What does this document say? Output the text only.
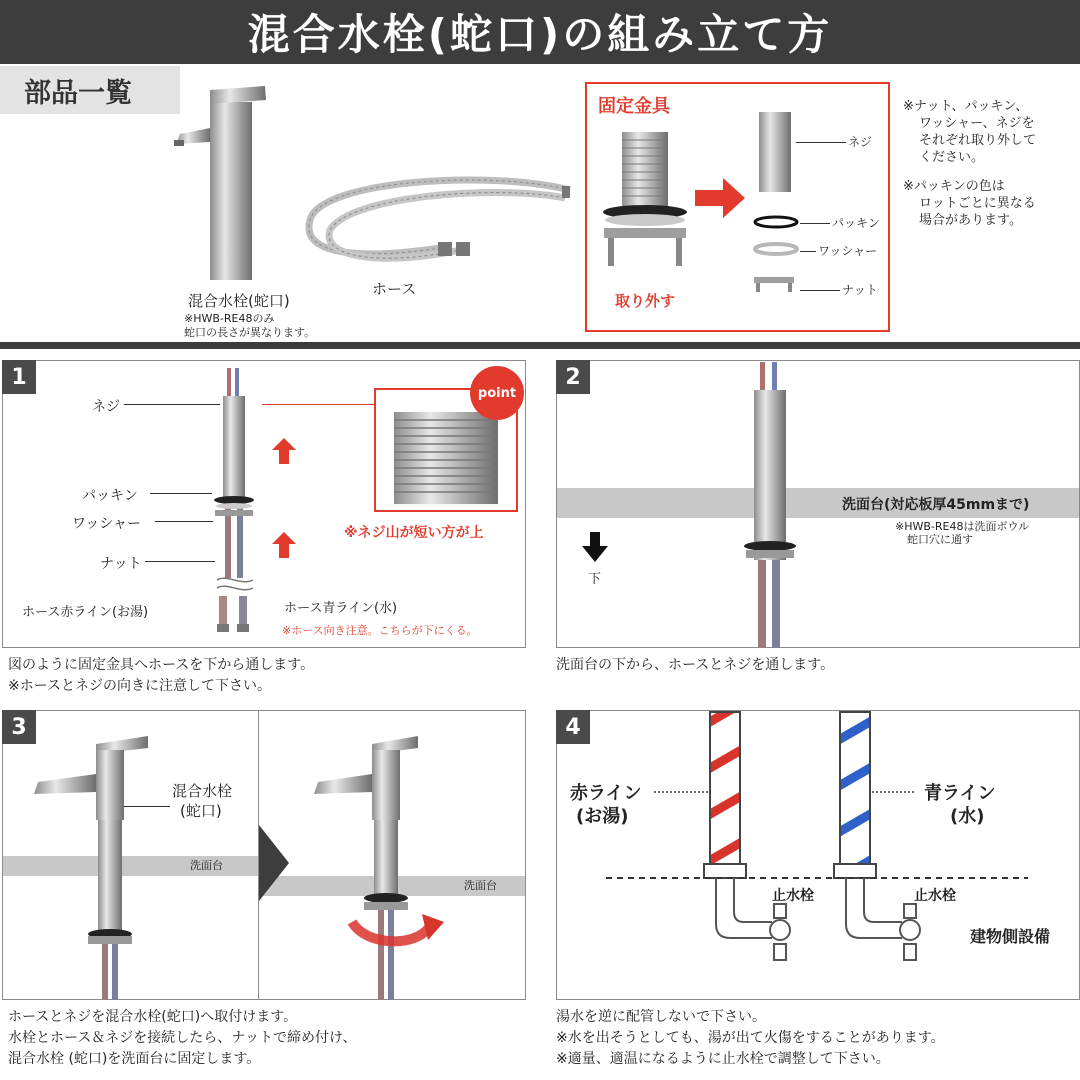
混合水栓(蛇口)の組み立て方
部品一覧
混合水栓(蛇口)
※HWB-RE48のみ
蛇口の長さが異なります。
ホース
固定金具
取り外す
ネジ
パッキン
ワッシャー
ナット
※ナット、パッキン、
ワッシャー、ネジを
それぞれ取り外して
ください。
※パッキンの色は
ロットごとに異なる
場合があります。
1
ネジ
パッキン
ワッシャー
ナット
ホース赤ライン(お湯)	ホース青ライン(水)
※ホース向き注意。こちらが下にくる。
point
※ネジ山が短い方が上
図のように固定金具へホースを下から通します。
※ホースとネジの向きに注意して下さい。
2
洗面台(対応板厚45mmまで)
※HWB-RE48は洗面ボウル
蛇口穴に通す
下
洗面台の下から、ホースとネジを通します。
3
洗面台
洗面台
混合水栓
(蛇口)
ホースとネジを混合水栓(蛇口)へ取付けます。
水栓とホース＆ネジを接続したら、ナットで締め付け、
混合水栓 (蛇口)を洗面台に固定します。
4
赤ライン
(お湯)
青ライン
(水)
止水栓	止水栓
建物側設備
湯水を逆に配管しないで下さい。
※水を出そうとしても、湯が出て火傷をすることがあります。
※適量、適温になるように止水栓で調整して下さい。
